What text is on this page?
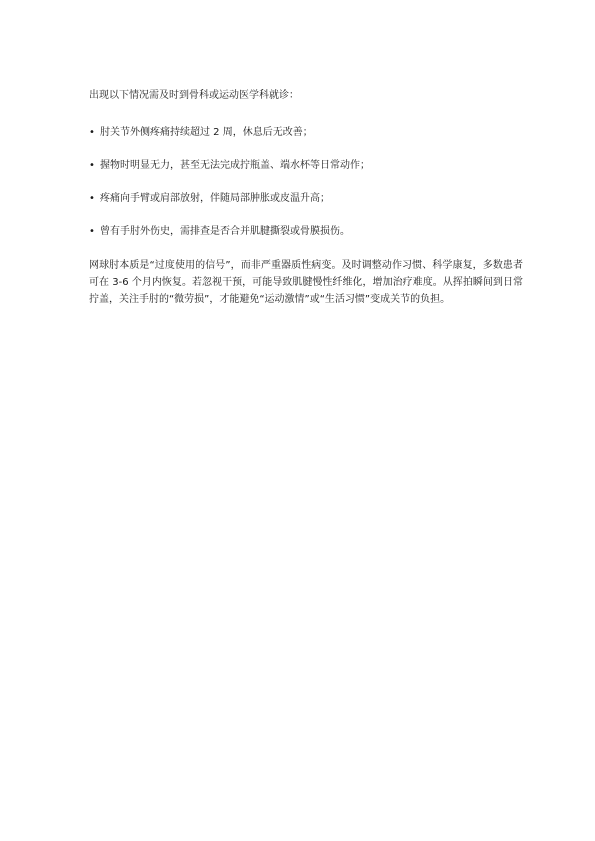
出现以下情况需及时到骨科或运动医学科就诊：

• 肘关节外侧疼痛持续超过 2 周，休息后无改善；
• 握物时明显无力，甚至无法完成拧瓶盖、端水杯等日常动作；
• 疼痛向手臂或肩部放射，伴随局部肿胀或皮温升高；
• 曾有手肘外伤史，需排查是否合并肌腱撕裂或骨膜损伤。

网球肘本质是“过度使用的信号”，而非严重器质性病变。及时调整动作习惯、科学康复，多数患者可在 3-6 个月内恢复。若忽视干预，可能导致肌腱慢性纤维化，增加治疗难度。从挥拍瞬间到日常拧盖，关注手肘的“微劳损”，才能避免“运动激情”或“生活习惯”变成关节的负担。
